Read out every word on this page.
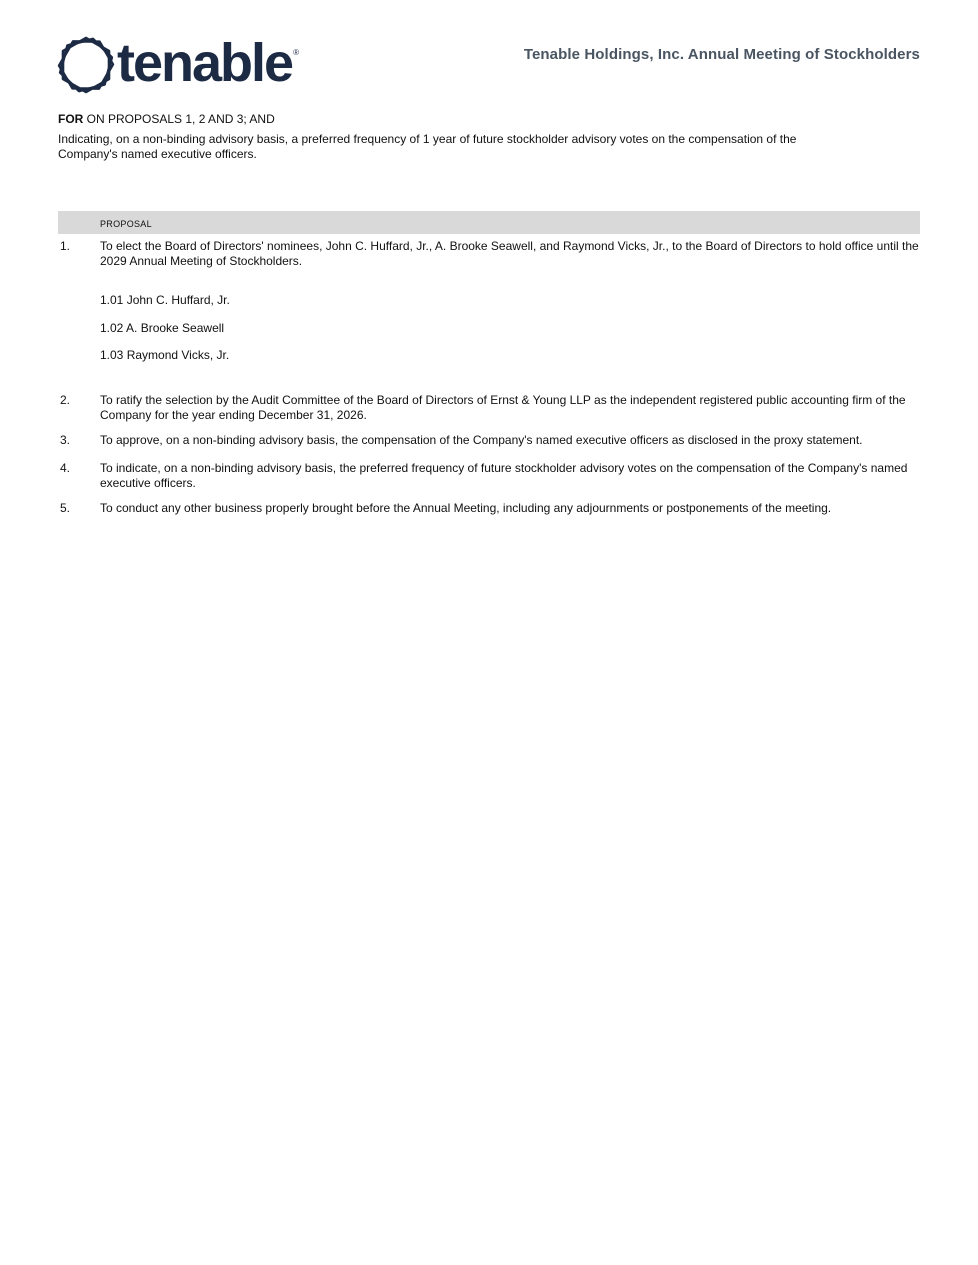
tenable ®	Tenable Holdings, Inc. Annual Meeting of Stockholders
FOR ON PROPOSALS 1, 2 AND 3; AND
Indicating, on a non-binding advisory basis, a preferred frequency of 1 year of future stockholder advisory votes on the compensation of the Company's named executive officers.
PROPOSAL
1. To elect the Board of Directors' nominees, John C. Huffard, Jr., A. Brooke Seawell, and Raymond Vicks, Jr., to the Board of Directors to hold office until the 2029 Annual Meeting of Stockholders.
1.01 John C. Huffard, Jr.
1.02 A. Brooke Seawell
1.03 Raymond Vicks, Jr.
2. To ratify the selection by the Audit Committee of the Board of Directors of Ernst & Young LLP as the independent registered public accounting firm of the Company for the year ending December 31, 2026.
3. To approve, on a non-binding advisory basis, the compensation of the Company's named executive officers as disclosed in the proxy statement.
4. To indicate, on a non-binding advisory basis, the preferred frequency of future stockholder advisory votes on the compensation of the Company's named executive officers.
5. To conduct any other business properly brought before the Annual Meeting, including any adjournments or postponements of the meeting.
